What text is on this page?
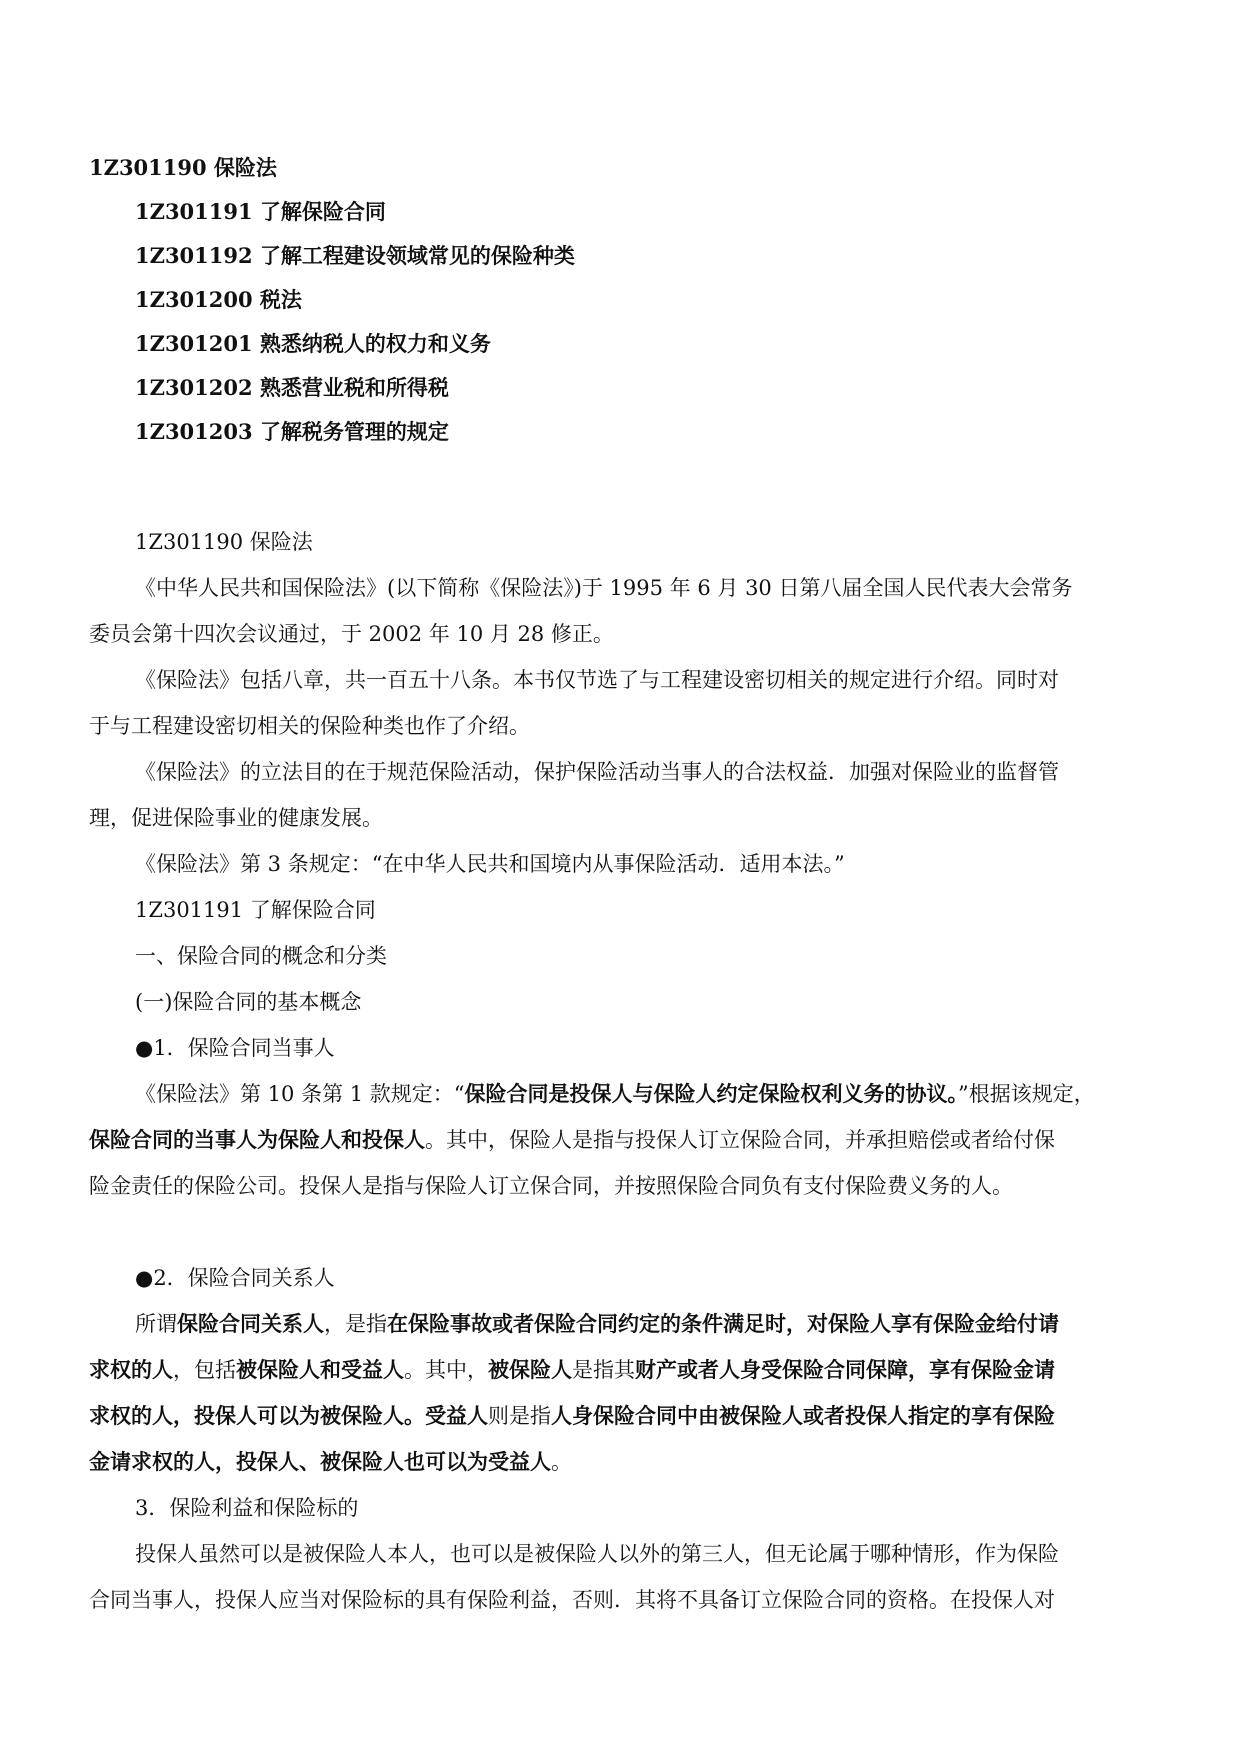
1Z301190 保险法
1Z301191 了解保险合同
1Z301192 了解工程建设领域常见的保险种类
1Z301200 税法
1Z301201 熟悉纳税人的权力和义务
1Z301202 熟悉营业税和所得税
1Z301203 了解税务管理的规定
1Z301190 保险法
《中华人民共和国保险法》(以下简称《保险法》)于 1995 年 6 月 30 日第八届全国人民代表大会常务
委员会第十四次会议通过，于 2002 年 10 月 28 修正。
《保险法》包括八章，共一百五十八条。本书仅节选了与工程建设密切相关的规定进行介绍。同时对
于与工程建设密切相关的保险种类也作了介绍。
《保险法》的立法目的在于规范保险活动，保护保险活动当事人的合法权益．加强对保险业的监督管
理，促进保险事业的健康发展。
《保险法》第 3 条规定：“在中华人民共和国境内从事保险活动．适用本法。”
1Z301191 了解保险合同
一、保险合同的概念和分类
(一)保险合同的基本概念
●1．保险合同当事人
《保险法》第 10 条第 1 款规定：“保险合同是投保人与保险人约定保险权利义务的协议。”根据该规定，
保险合同的当事人为保险人和投保人。其中，保险人是指与投保人订立保险合同，并承担赔偿或者给付保
险金责任的保险公司。投保人是指与保险人订立保合同，并按照保险合同负有支付保险费义务的人。
●2．保险合同关系人
所谓保险合同关系人，是指在保险事故或者保险合同约定的条件满足时，对保险人享有保险金给付请
求权的人，包括被保险人和受益人。其中，被保险人是指其财产或者人身受保险合同保障，享有保险金请
求权的人，投保人可以为被保险人。受益人则是指人身保险合同中由被保险人或者投保人指定的享有保险
金请求权的人，投保人、被保险人也可以为受益人。
3．保险利益和保险标的
投保人虽然可以是被保险人本人，也可以是被保险人以外的第三人，但无论属于哪种情形，作为保险
合同当事人，投保人应当对保险标的具有保险利益，否则．其将不具备订立保险合同的资格。在投保人对
